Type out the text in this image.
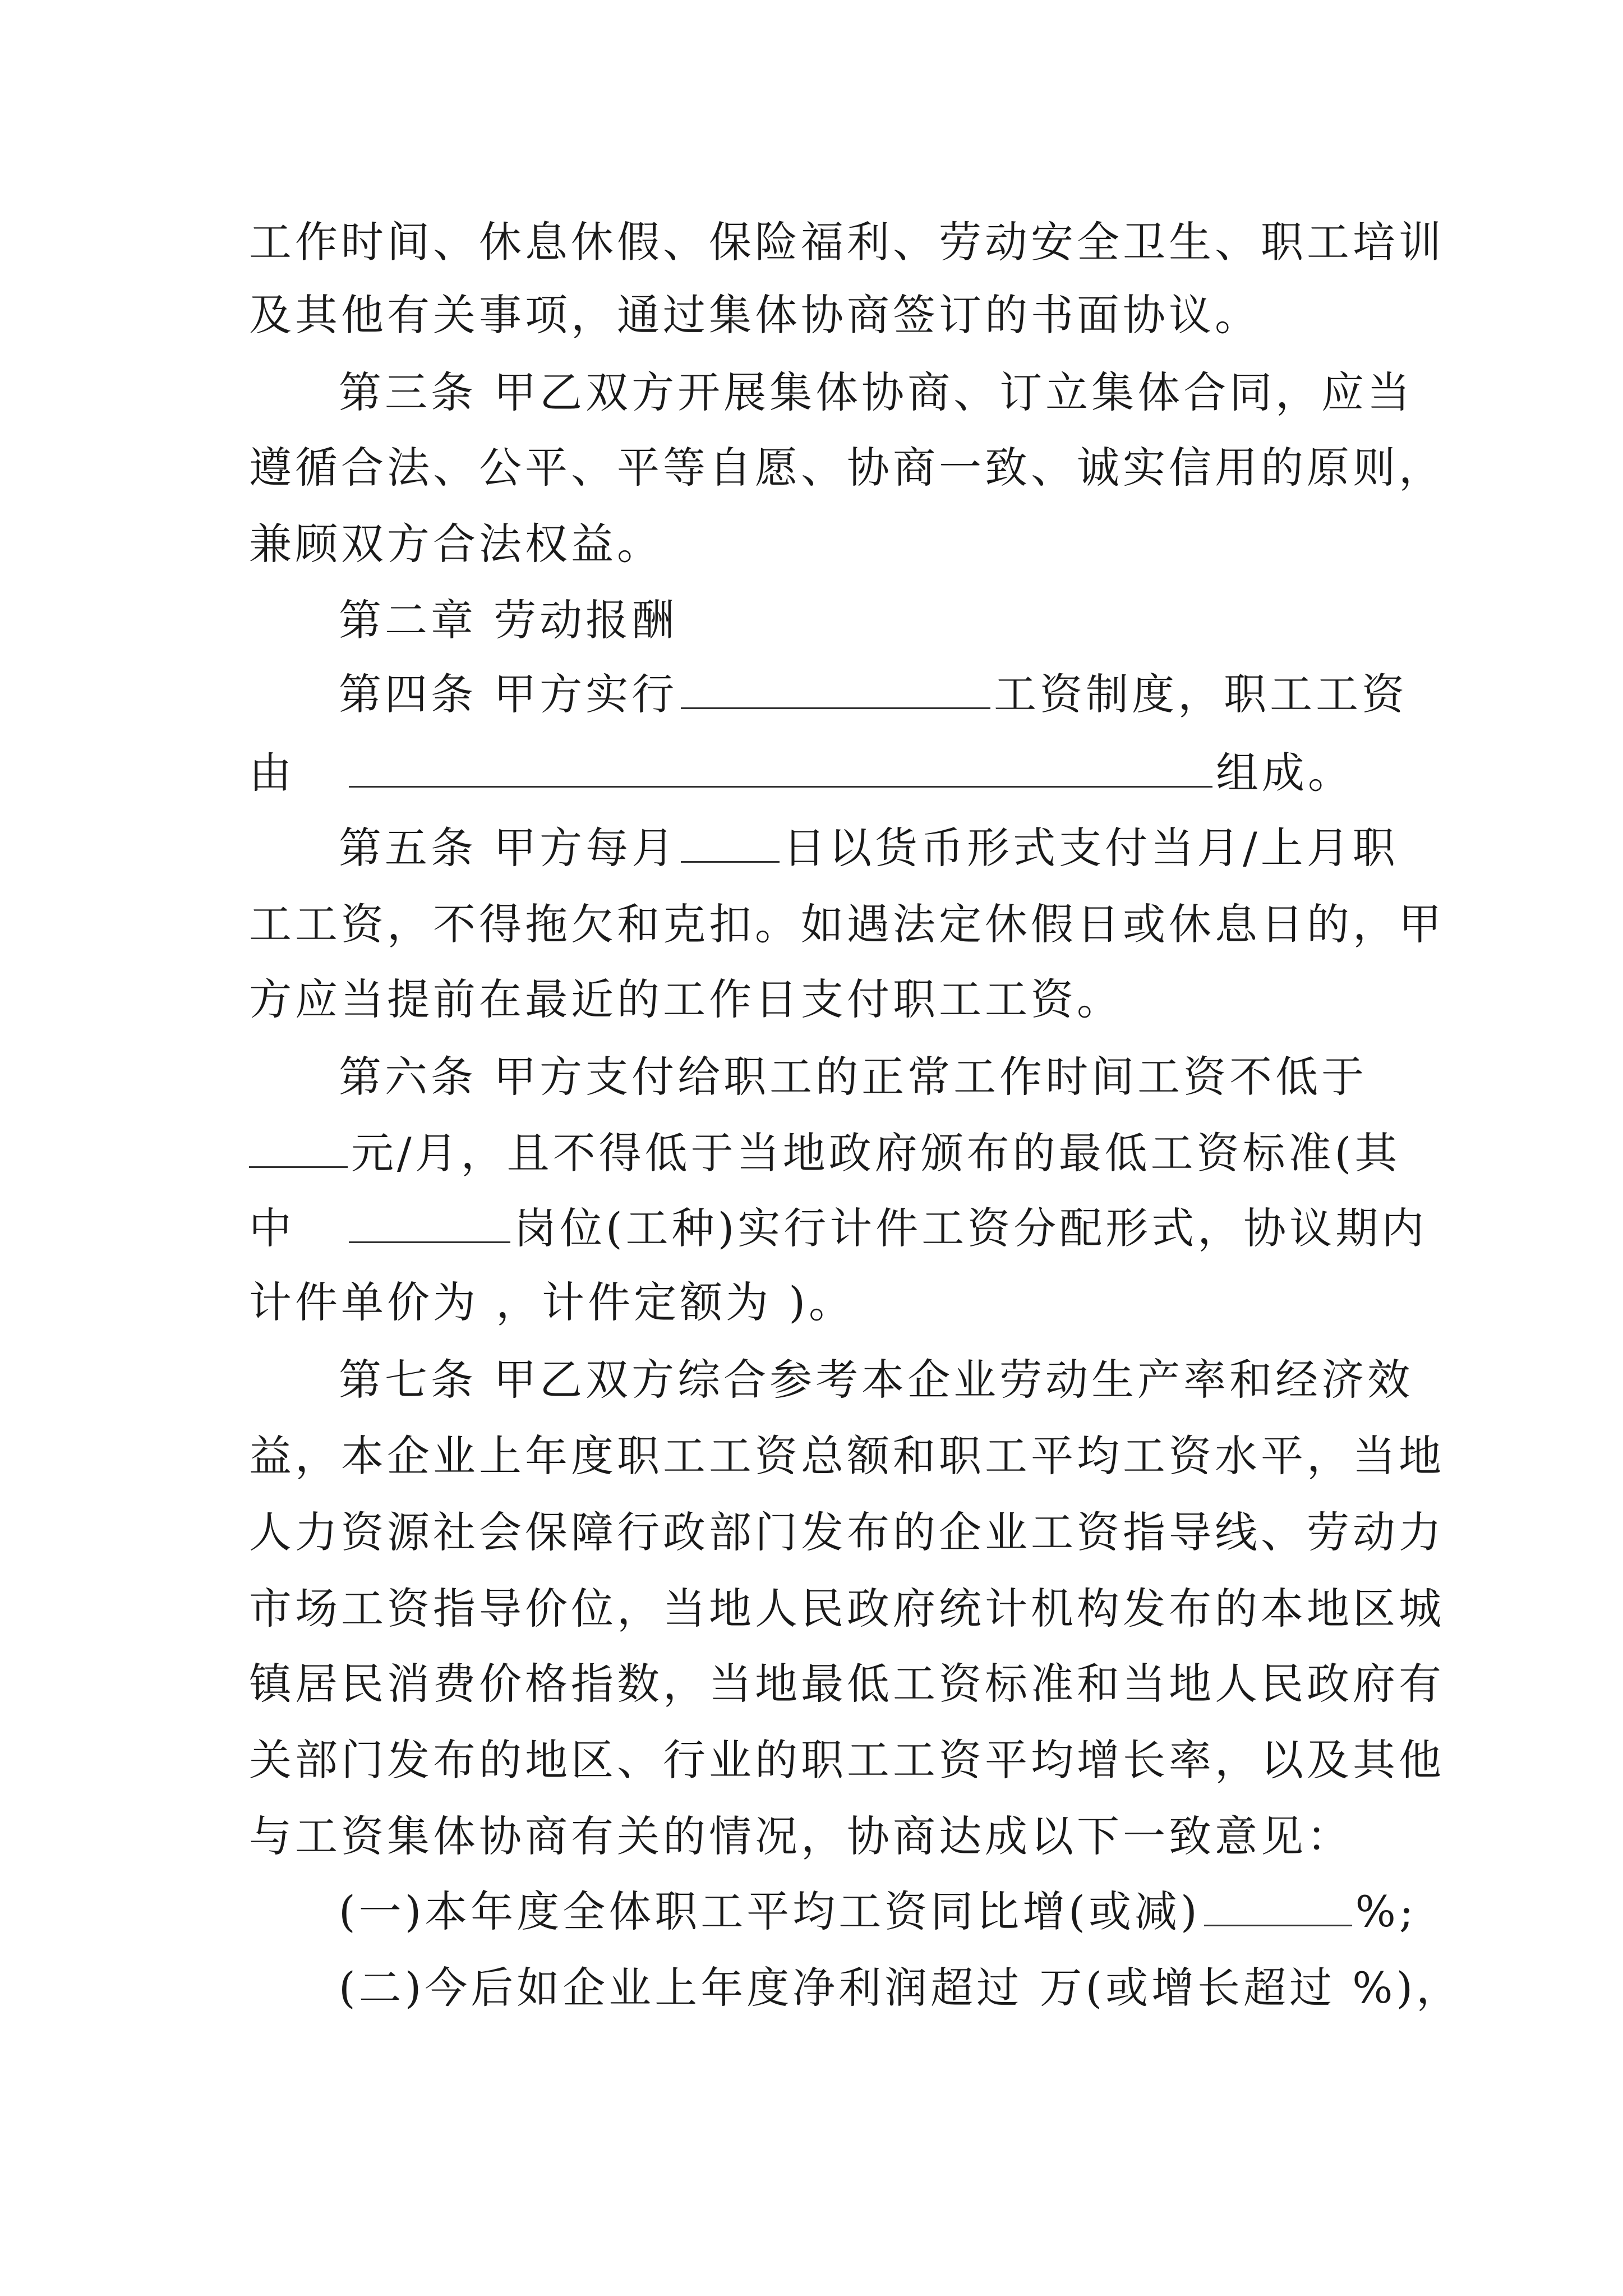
工作时间、休息休假、保险福利、劳动安全卫生、职工培训
及其他有关事项，通过集体协商签订的书面协议。
第三条 甲乙双方开展集体协商、订立集体合同，应当
遵循合法、公平、平等自愿、协商一致、诚实信用的原则，
兼顾双方合法权益。
第二章 劳动报酬
第四条 甲方实行	工资制度，职工工资
由	组成。
第五条 甲方每月 日以货币形式支付当月/上月职
工工资，不得拖欠和克扣。如遇法定休假日或休息日的，甲
方应当提前在最近的工作日支付职工工资。
第六条 甲方支付给职工的正常工作时间工资不低于
元/月，且不得低于当地政府颁布的最低工资标准(其
中	岗位(工种)实行计件工资分配形式，协议期内
计件单价为 ，计件定额为 )。
第七条 甲乙双方综合参考本企业劳动生产率和经济效
益，本企业上年度职工工资总额和职工平均工资水平，当地
人力资源社会保障行政部门发布的企业工资指导线、劳动力
市场工资指导价位，当地人民政府统计机构发布的本地区城
镇居民消费价格指数，当地最低工资标准和当地人民政府有
关部门发布的地区、行业的职工工资平均增长率，以及其他
与工资集体协商有关的情况，协商达成以下一致意见：
(一)本年度全体职工平均工资同比增(或减)	%;
(二)今后如企业上年度净利润超过 万(或增长超过 %)，
